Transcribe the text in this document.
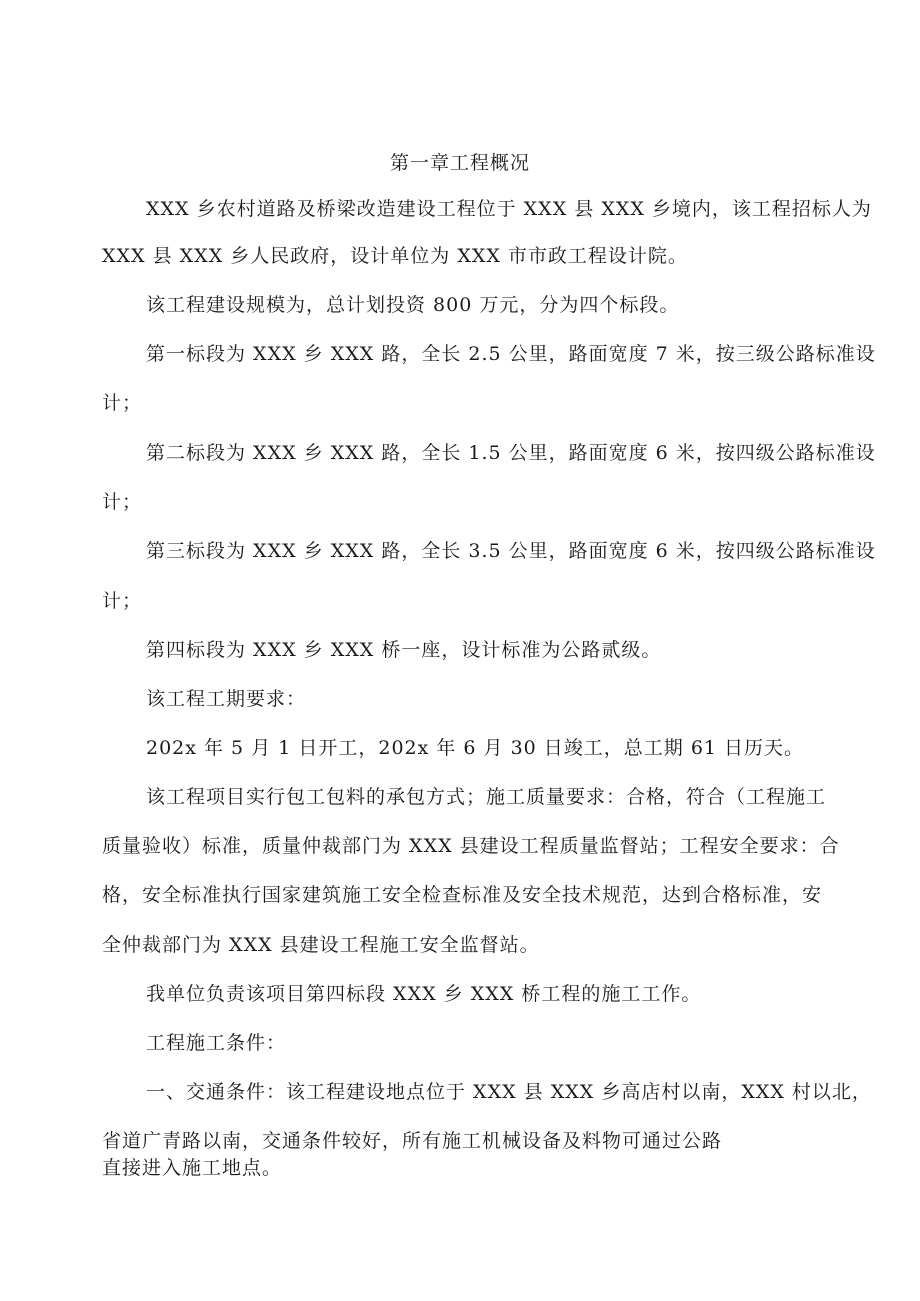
第一章工程概况
XXX 乡农村道路及桥梁改造建设工程位于 XXX 县 XXX 乡境内，该工程招标人为
XXX 县 XXX 乡人民政府，设计单位为 XXX 市市政工程设计院。
该工程建设规模为，总计划投资 800 万元，分为四个标段。
第一标段为 XXX 乡 XXX 路，全长 2.5 公里，路面宽度 7 米，按三级公路标准设
计；
第二标段为 XXX 乡 XXX 路，全长 1.5 公里，路面宽度 6 米，按四级公路标准设
计；
第三标段为 XXX 乡 XXX 路，全长 3.5 公里，路面宽度 6 米，按四级公路标准设
计；
第四标段为 XXX 乡 XXX 桥一座，设计标准为公路贰级。
该工程工期要求：
202x 年 5 月 1 日开工，202x 年 6 月 30 日竣工，总工期 61 日历天。
该工程项目实行包工包料的承包方式；施工质量要求：合格，符合（工程施工
质量验收）标准，质量仲裁部门为 XXX 县建设工程质量监督站；工程安全要求：合
格，安全标准执行国家建筑施工安全检查标准及安全技术规范，达到合格标准，安
全仲裁部门为 XXX 县建设工程施工安全监督站。
我单位负责该项目第四标段 XXX 乡 XXX 桥工程的施工工作。
工程施工条件：
一、交通条件：该工程建设地点位于 XXX 县 XXX 乡高店村以南，XXX 村以北，
省道广青路以南，交通条件较好，所有施工机械设备及料物可通过公路
直接进入施工地点。
